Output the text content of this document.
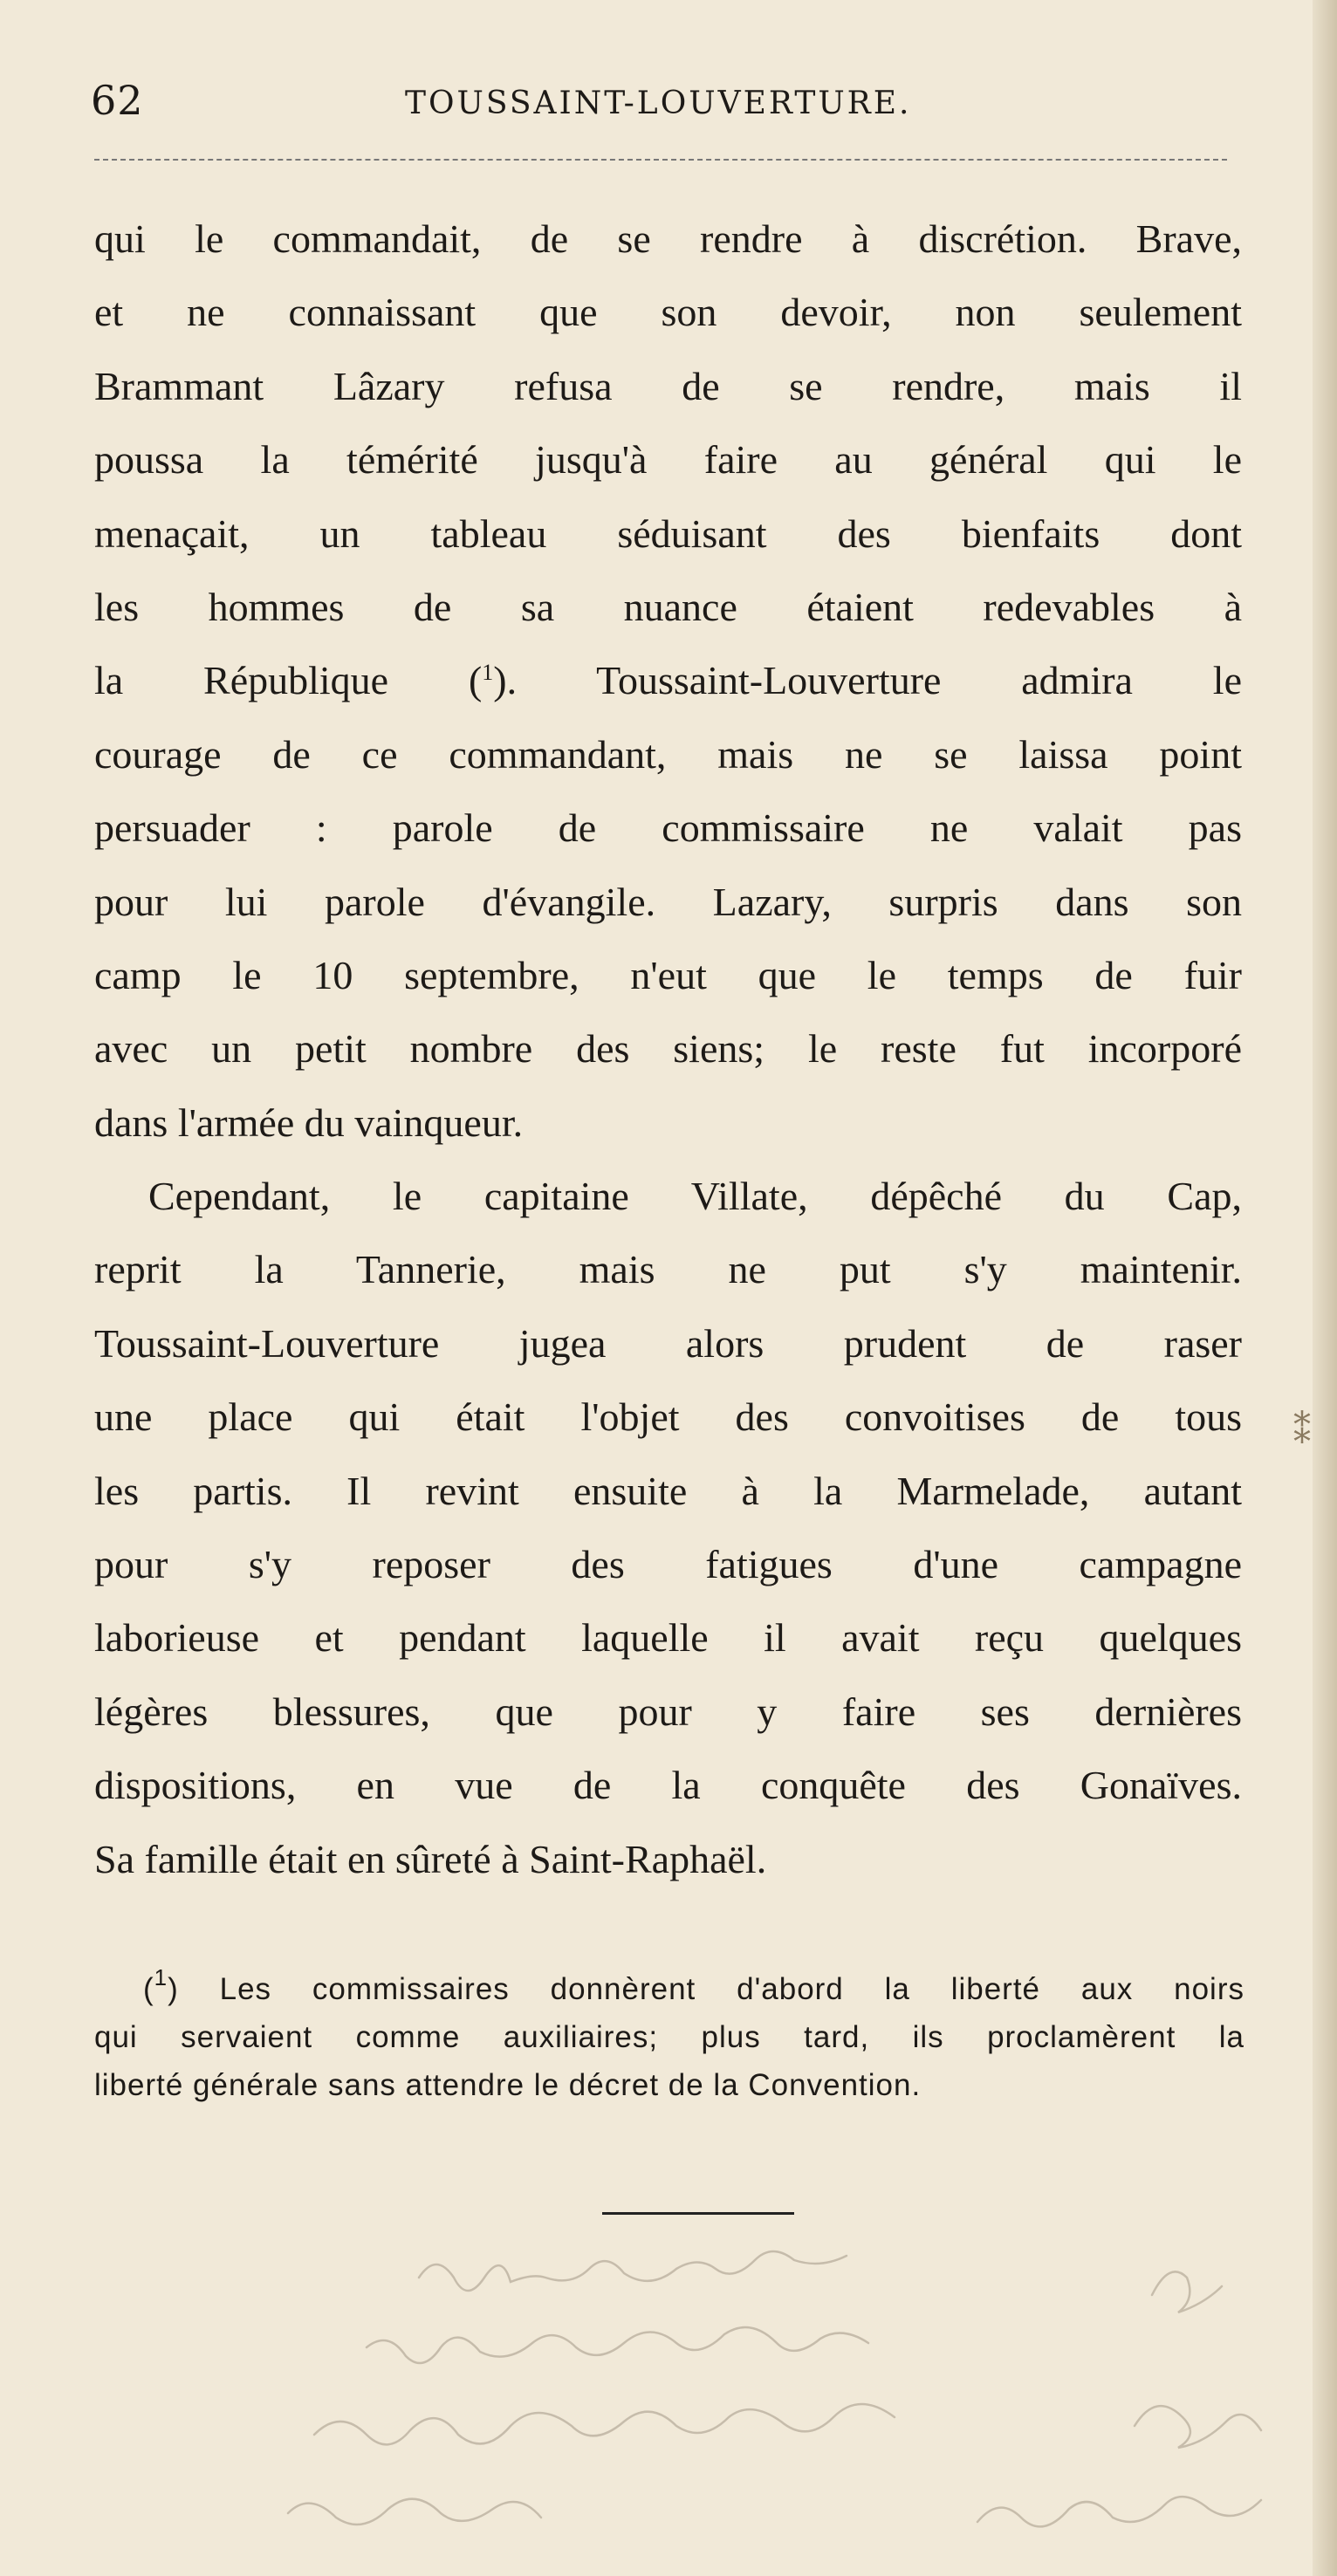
62	TOUSSAINT-LOUVERTURE.
qui le commandait, de se rendre à discrétion. Brave,
et ne connaissant que son devoir, non seulement
Brammant Lâzary refusa de se rendre, mais il
poussa la témérité jusqu'à faire au général qui le
menaçait, un tableau séduisant des bienfaits dont
les hommes de sa nuance étaient redevables à
la République ($^1$). Toussaint-Louverture admira le
courage de ce commandant, mais ne se laissa point
persuader : parole de commissaire ne valait pas
pour lui parole d'évangile. Lazary, surpris dans son
camp le 10 septembre, n'eut que le temps de fuir
avec un petit nombre des siens; le reste fut incorporé
dans l'armée du vainqueur.
Cependant, le capitaine Villate, dépêché du Cap,
reprit la Tannerie, mais ne put s'y maintenir.
Toussaint-Louverture jugea alors prudent de raser
une place qui était l'objet des convoitises de tous
les partis. Il revint ensuite à la Marmelade, autant
pour s'y reposer des fatigues d'une campagne
laborieuse et pendant laquelle il avait reçu quelques
légères blessures, que pour y faire ses dernières
dispositions, en vue de la conquête des Gonaïves.
Sa famille était en sûreté à Saint-Raphaël.
⁑
($^1$) Les commissaires donnèrent d'abord la liberté aux noirs
qui servaient comme auxiliaires; plus tard, ils proclamèrent la
liberté générale sans attendre le décret de la Convention.
